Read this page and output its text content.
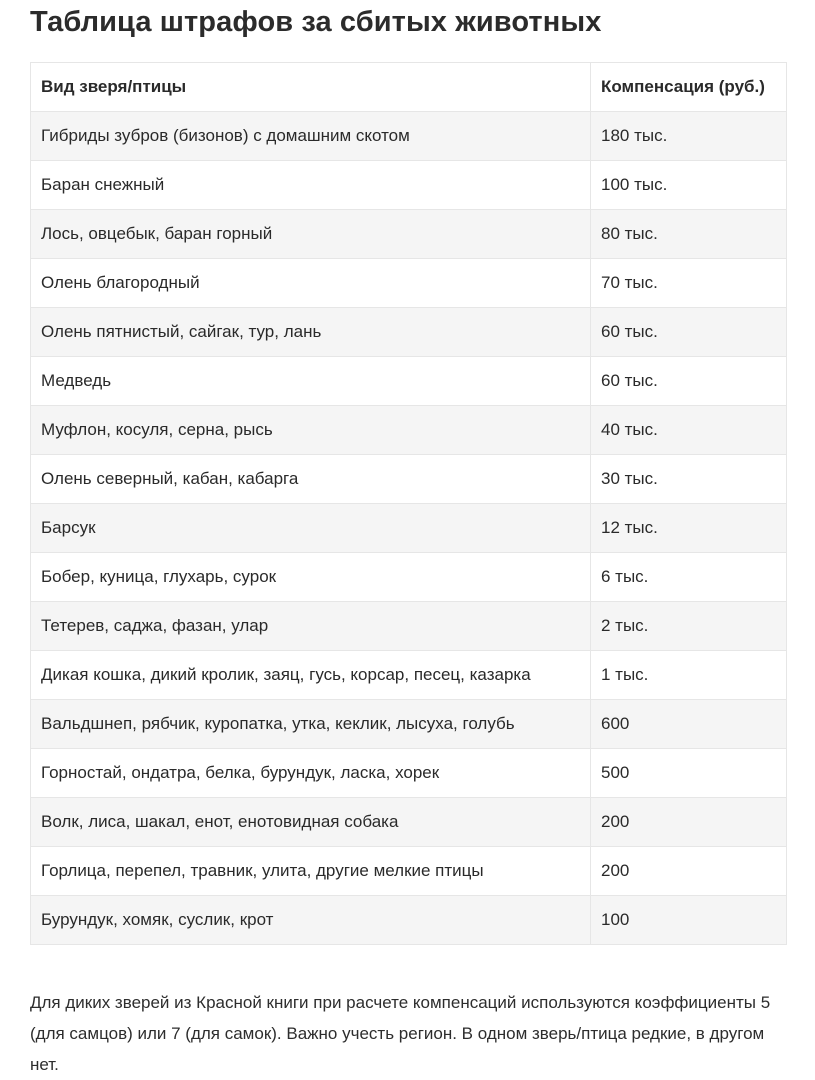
Таблица штрафов за сбитых животных
Вид зверя/птицы	Компенсация (руб.)
Гибриды зубров (бизонов) с домашним скотом	180 тыс.
Баран снежный	100 тыс.
Лось, овцебык, баран горный	80 тыс.
Олень благородный	70 тыс.
Олень пятнистый, сайгак, тур, лань	60 тыс.
Медведь	60 тыс.
Муфлон, косуля, серна, рысь	40 тыс.
Олень северный, кабан, кабарга	30 тыс.
Барсук	12 тыс.
Бобер, куница, глухарь, сурок	6 тыс.
Тетерев, саджа, фазан, улар	2 тыс.
Дикая кошка, дикий кролик, заяц, гусь, корсар, песец, казарка	1 тыс.
Вальдшнеп, рябчик, куропатка, утка, кеклик, лысуха, голубь	600
Горностай, ондатра, белка, бурундук, ласка, хорек	500
Волк, лиса, шакал, енот, енотовидная собака	200
Горлица, перепел, травник, улита, другие мелкие птицы	200
Бурундук, хомяк, суслик, крот	100

Для диких зверей из Красной книги при расчете компенсаций используются коэффициенты 5 (для самцов) или 7 (для самок). Важно учесть регион. В одном зверь/птица редкие, в другом нет.
